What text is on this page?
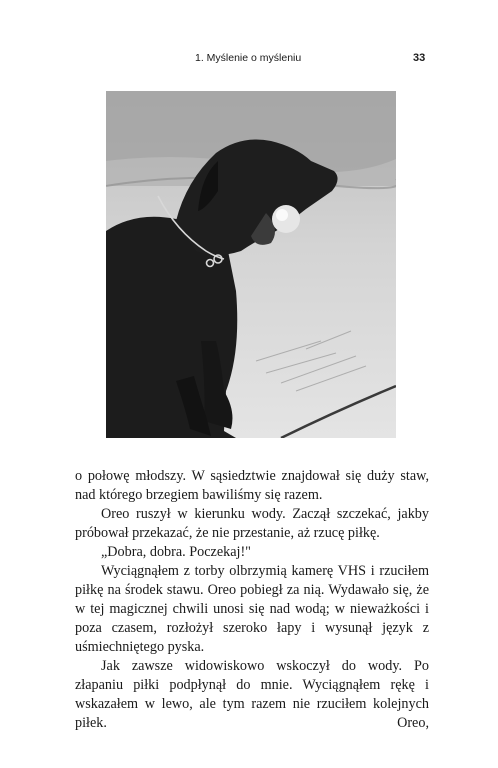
1. Myślenie o myśleniu	33

o połowę młodszy. W sąsiedztwie znajdował się duży staw, nad którego brzegiem bawiliśmy się razem.

Oreo ruszył w kierunku wody. Zaczął szczekać, jakby próbował przekazać, że nie przestanie, aż rzucę piłkę.

„Dobra, dobra. Poczekaj!"

Wyciągnąłem z torby olbrzymią kamerę VHS i rzuciłem piłkę na środek stawu. Oreo pobiegł za nią. Wydawało się, że w tej magicznej chwili unosi się nad wodą; w nieważkości i poza czasem, rozłożył szeroko łapy i wysunął język z uśmiechniętego pyska.

Jak zawsze widowiskowo wskoczył do wody. Po złapaniu piłki podpłynął do mnie. Wyciągnąłem rękę i wskazałem w lewo, ale tym razem nie rzuciłem kolejnych piłek. Oreo,
